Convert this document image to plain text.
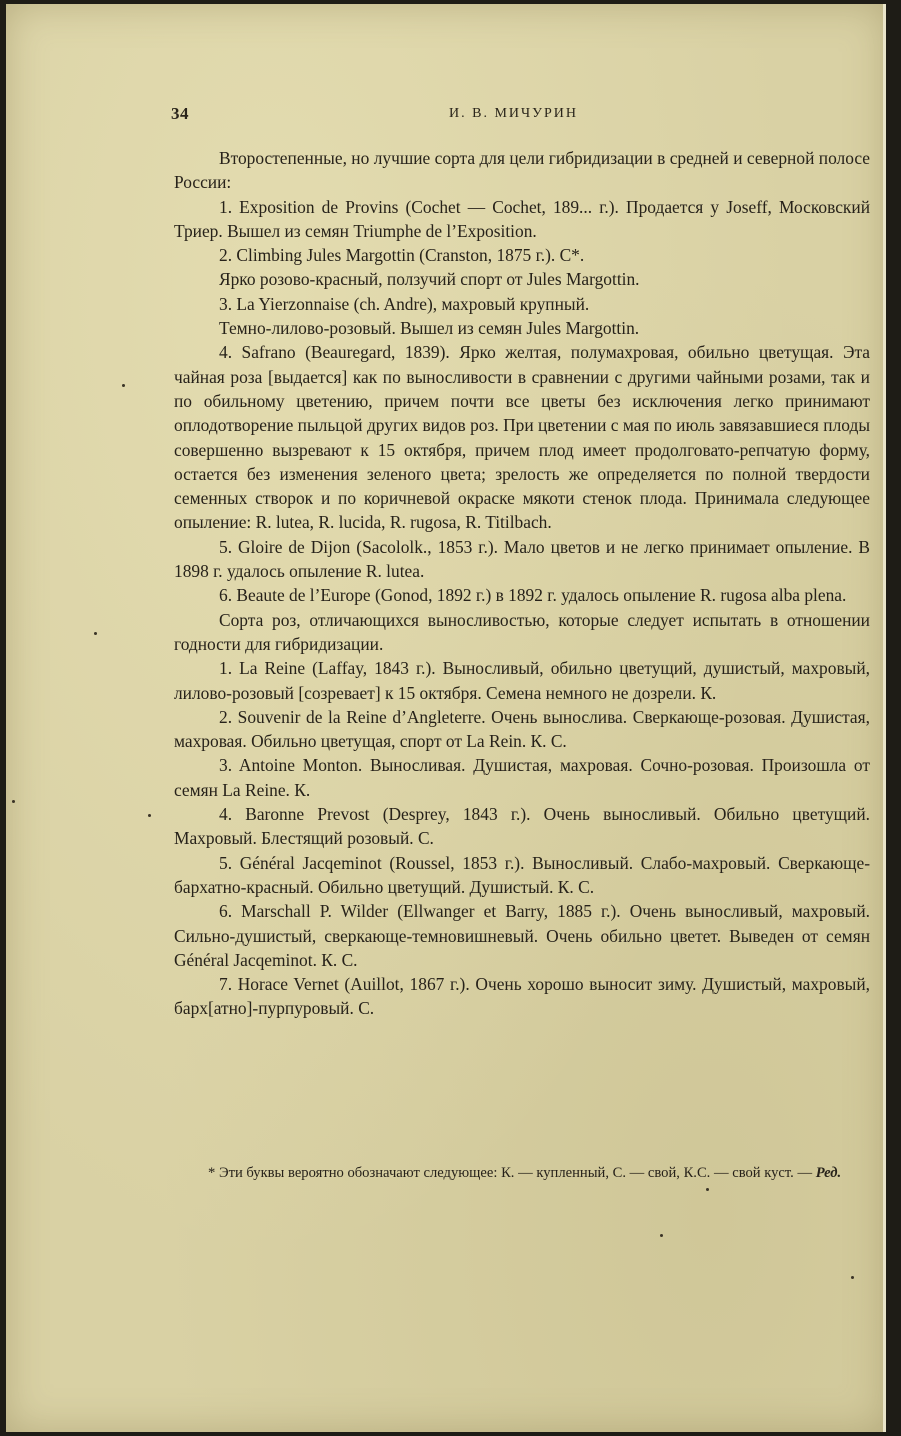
34	И. В. МИЧУРИН

Второстепенные, но лучшие сорта для цели гибридизации в средней и северной полосе России:

1. Exposition de Provins (Cochet — Cochet, 189... г.). Продается у Joseff, Московский Триер. Вышел из семян Triumphe de l’Exposition.

2. Climbing Jules Margottin (Cranston, 1875 г.). С*.

Ярко розово-красный, ползучий спорт от Jules Margottin.

3. La Yierzonnaise (ch. Andre), махровый крупный.

Темно-лилово-розовый. Вышел из семян Jules Margottin.

4. Safrano (Beauregard, 1839). Ярко желтая, полумахровая, обильно цветущая. Эта чайная роза [выдается] как по выносливости в сравнении с другими чайными розами, так и по обильному цветению, причем почти все цветы без исключения легко принимают оплодотворение пыльцой других видов роз. При цветении с мая по июль завязавшиеся плоды совершенно вызревают к 15 октября, причем плод имеет продолговато-репчатую форму, остается без изменения зеленого цвета; зрелость же определяется по полной твердости семенных створок и по коричневой окраске мякоти стенок плода. Принимала следующее опыление: R. lutea, R. lucida, R. rugosa, R. Titilbach.

5. Gloire de Dijon (Sacololk., 1853 г.). Мало цветов и не легко принимает опыление. В 1898 г. удалось опыление R. lutea.

6. Beaute de l’Europe (Gonod, 1892 г.) в 1892 г. удалось опыление R. rugosa alba plena.

Сорта роз, отличающихся выносливостью, которые следует испытать в отношении годности для гибридизации.

1. La Reine (Laffay, 1843 г.). Выносливый, обильно цветущий, душистый, махровый, лилово-розовый [созревает] к 15 октября. Семена немного не дозрели. К.

2. Souvenir de la Reine d’Angleterre. Очень вынослива. Сверкающе-розовая. Душистая, махровая. Обильно цветущая, спорт от La Rein. К. С.

3. Antoine Monton. Выносливая. Душистая, махровая. Сочно-розовая. Произошла от семян La Reine. К.

4. Baronne Prevost (Desprey, 1843 г.). Очень выносливый. Обильно цветущий. Махровый. Блестящий розовый. С.

5. Général Jacqeminot (Roussel, 1853 г.). Выносливый. Слабо-махровый. Сверкающе-бархатно-красный. Обильно цветущий. Душистый. К. С.

6. Marschall P. Wilder (Ellwanger et Barry, 1885 г.). Очень выносливый, махровый. Сильно-душистый, сверкающе-темновишневый. Очень обильно цветет. Выведен от семян Général Jacqeminot. К. С.

7. Horace Vernet (Auillot, 1867 г.). Очень хорошо выносит зиму. Душистый, махровый, барх[атно]-пурпуровый. С.

* Эти буквы вероятно обозначают следующее: К. — купленный, С. — свой, К.С. — свой куст. — Ред.
